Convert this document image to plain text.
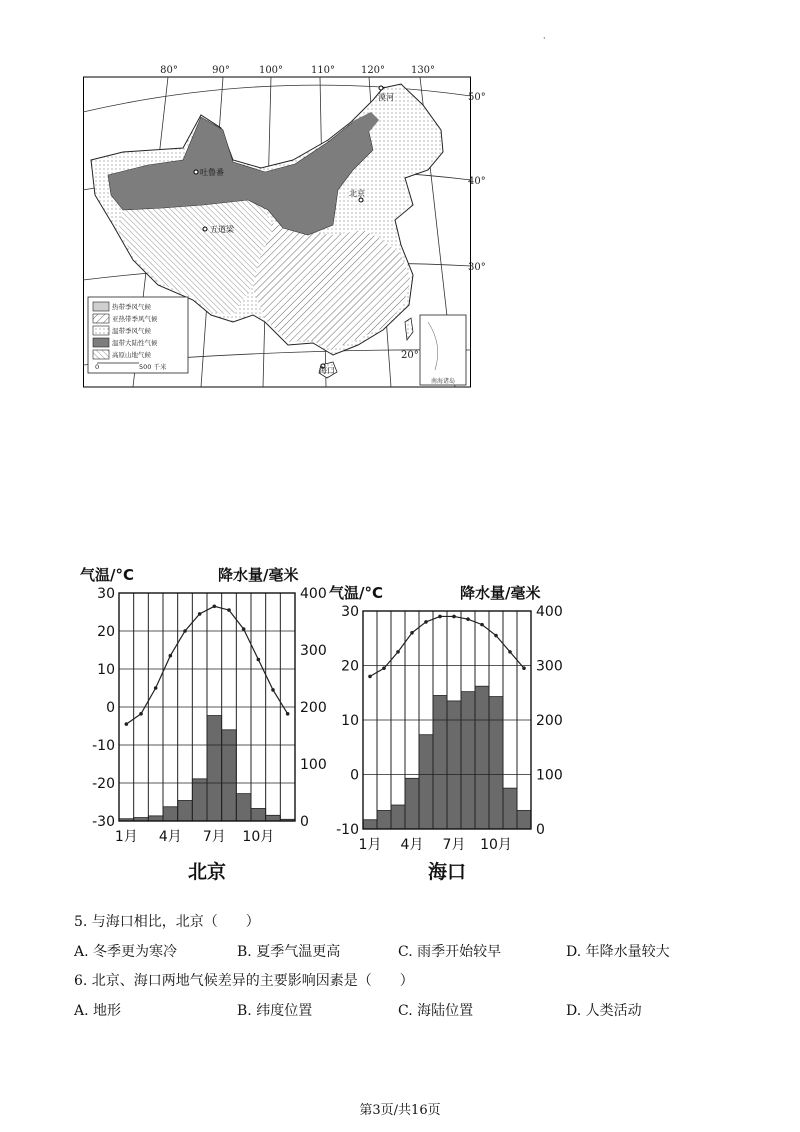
·
南海诸岛
热带季风气候
亚热带季风气候
温带季风气候
温带大陆性气候
高原山地气候
0	500 千米
漠河
吐鲁番
北京
五道梁
海口
80°	90°	100°	110°	120°	130°
50°
40°
30°
20°
30
20
10
0
-10
-20
-30
400
300
200
100
0
1月 4月 7月 10月
气温/°C	降水量/毫米
北京
30
20
10
0
-10
400
300
200
100
0
1月 4月 7月 10月
气温/°C	降水量/毫米
海口
5. 与海口相比，北京（　　）
A. 冬季更为寒冷	B. 夏季气温更高	C. 雨季开始较早	D. 年降水量较大
6. 北京、海口两地气候差异的主要影响因素是（　　）
A. 地形	B. 纬度位置	C. 海陆位置	D. 人类活动
第3页/共16页
